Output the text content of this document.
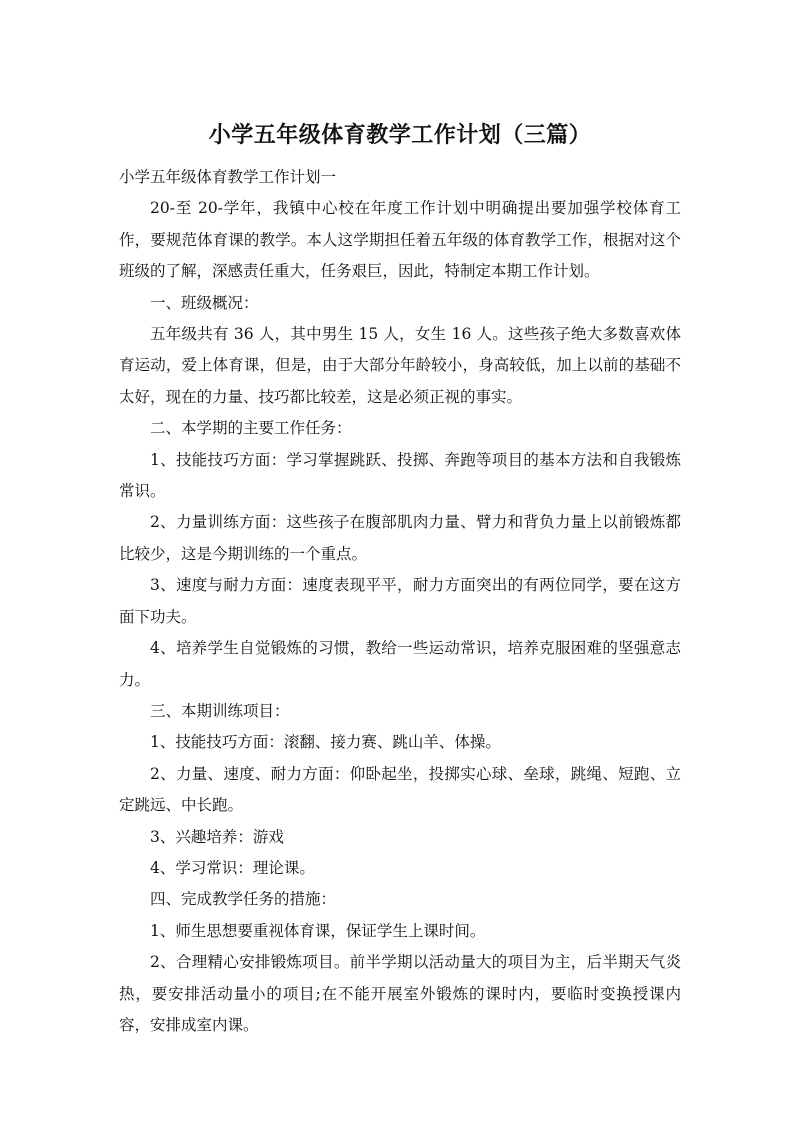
小学五年级体育教学工作计划（三篇）

小学五年级体育教学工作计划一

20-至 20-学年，我镇中心校在年度工作计划中明确提出要加强学校体育工作，要规范体育课的教学。本人这学期担任着五年级的体育教学工作，根据对这个班级的了解，深感责任重大，任务艰巨，因此，特制定本期工作计划。

一、班级概况：

五年级共有 36 人，其中男生 15 人，女生 16 人。这些孩子绝大多数喜欢体育运动，爱上体育课，但是，由于大部分年龄较小，身高较低，加上以前的基础不太好，现在的力量、技巧都比较差，这是必须正视的事实。

二、本学期的主要工作任务：

1、技能技巧方面：学习掌握跳跃、投掷、奔跑等项目的基本方法和自我锻炼常识。

2、力量训练方面：这些孩子在腹部肌肉力量、臂力和背负力量上以前锻炼都比较少，这是今期训练的一个重点。

3、速度与耐力方面：速度表现平平，耐力方面突出的有两位同学，要在这方面下功夫。

4、培养学生自觉锻炼的习惯，教给一些运动常识，培养克服困难的坚强意志力。

三、本期训练项目：

1、技能技巧方面：滚翻、接力赛、跳山羊、体操。

2、力量、速度、耐力方面：仰卧起坐，投掷实心球、垒球，跳绳、短跑、立定跳远、中长跑。

3、兴趣培养：游戏

4、学习常识：理论课。

四、完成教学任务的措施：

1、师生思想要重视体育课，保证学生上课时间。

2、合理精心安排锻炼项目。前半学期以活动量大的项目为主，后半期天气炎热，要安排活动量小的项目;在不能开展室外锻炼的课时内，要临时变换授课内容，安排成室内课。
